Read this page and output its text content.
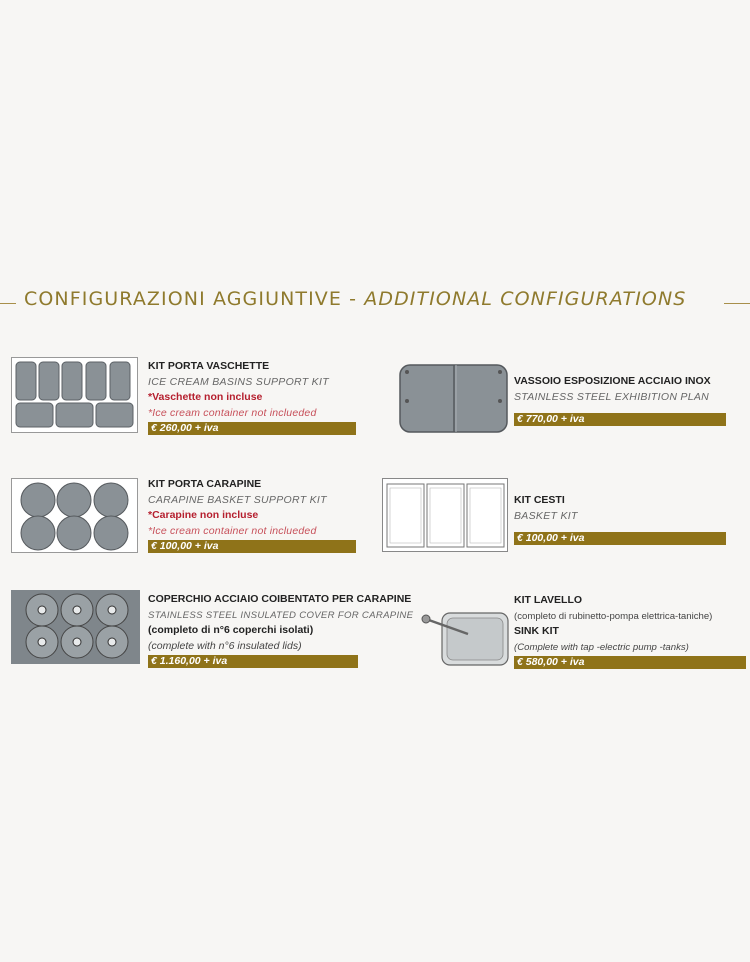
CONFIGURAZIONI AGGIUNTIVE - ADDITIONAL CONFIGURATIONS
KIT PORTA VASCHETTE
ICE CREAM BASINS SUPPORT KIT
*Vaschette non incluse
*Ice cream container not inclueded
€ 260,00 + iva
VASSOIO ESPOSIZIONE ACCIAIO INOX
STAINLESS STEEL EXHIBITION PLAN
€ 770,00 + iva
KIT PORTA CARAPINE
CARAPINE BASKET SUPPORT KIT
*Carapine non incluse
*Ice cream container not inclueded
€ 100,00 + iva
KIT CESTI
BASKET KIT
€ 100,00 + iva
COPERCHIO ACCIAIO COIBENTATO PER CARAPINE
STAINLESS STEEL INSULATED COVER FOR CARAPINE
(completo di n°6 coperchi isolati)
(complete with n°6 insulated lids)
€ 1.160,00 + iva
KIT LAVELLO
(completo di rubinetto-pompa elettrica-taniche)
SINK KIT
(Complete with tap -electric pump -tanks)
€ 580,00 + iva
